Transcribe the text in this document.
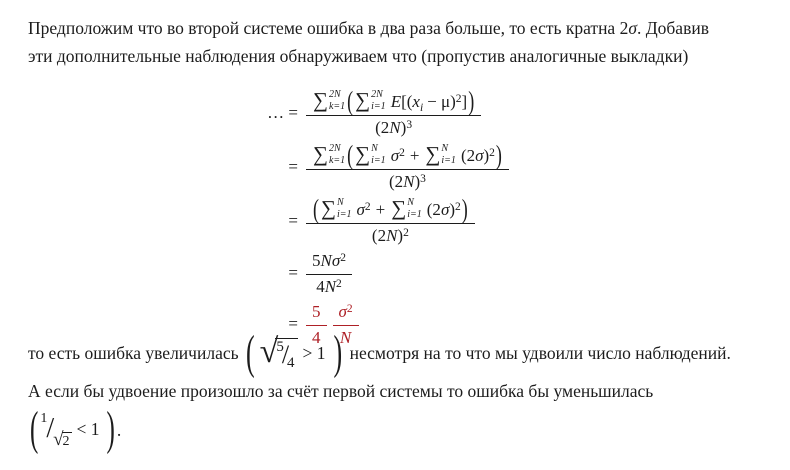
Предположим что во второй системе ошибка в два раза больше, то есть кратна 2σ. Добавив
эти дополнительные наблюдения обнаруживаем что (пропустив аналогичные выкладки)
… = ∑ 2N
k=1 ( ∑ 2N
i=1 E [( x i − μ) 2 ] )
(2 N ) 3
= ∑ 2N
k=1 ( ∑ N
i=1 σ 2 + ∑ N
i=1 (2 σ ) 2 )
(2 N ) 3
= ( ∑ N
i=1 σ 2 + ∑ N
i=1 (2 σ ) 2 )
(2 N ) 2
= $\frac{\text{5 N σ 2}}{4 N 2}$
= $\frac{5}{4} \frac{\sigma 2}{N}$
то есть ошибка увеличилась ( √
5
/
4 > 1 ) несмотря на то что мы удвоили число наблюдений.
А если бы удвоение произошло за счёт первой системы то ошибка бы уменьшилась
( 1 / √ 2
< 1 ) .
